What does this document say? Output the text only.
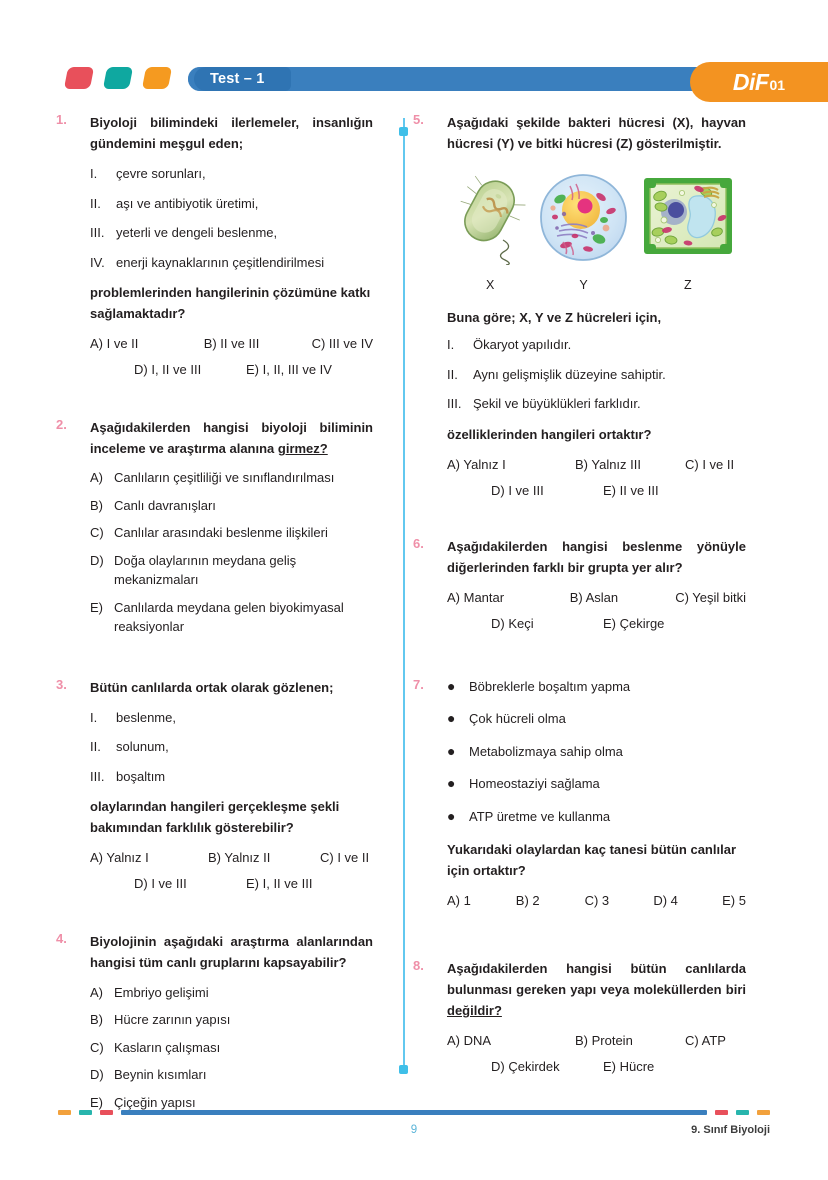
Test – 1	DiF 01
1.	Biyoloji bilimindeki ilerlemeler, insanlığın gündemini meşgul eden;
I.	çevre sorunları,
II.	aşı ve antibiyotik üretimi,
III. yeterli ve dengeli beslenme,
IV. enerji kaynaklarının çeşitlendirilmesi
problemlerinden hangilerinin çözümüne katkı sağlamaktadır?
A) I ve II	B) II ve III	C) III ve IV
D) I, II ve III	E) I, II, III ve IV
2.	Aşağıdakilerden hangisi biyoloji biliminin inceleme ve araştırma alanına girmez?
A) Canlıların çeşitliliği ve sınıflandırılması
B) Canlı davranışları
C) Canlılar arasındaki beslenme ilişkileri
D) Doğa olaylarının meydana geliş mekanizmaları
E) Canlılarda meydana gelen biyokimyasal reaksiyonlar
3.	Bütün canlılarda ortak olarak gözlenen;
I.	beslenme,
II.	solunum,
III. boşaltım
olaylarından hangileri gerçekleşme şekli bakımından farklılık gösterebilir?
A) Yalnız I	B) Yalnız II	C) I ve II
D) I ve III	E) I, II ve III
4.	Biyolojinin aşağıdaki araştırma alanlarından hangisi tüm canlı gruplarını kapsayabilir?
A) Embriyo gelişimi
B) Hücre zarının yapısı
C) Kasların çalışması
D) Beynin kısımları
E) Çiçeğin yapısı
5.	Aşağıdaki şekilde bakteri hücresi (X), hayvan hücresi (Y) ve bitki hücresi (Z) gösterilmiştir.
X	Y	Z
Buna göre; X, Y ve Z hücreleri için,
I.	Ökaryot yapılıdır.
II.	Aynı gelişmişlik düzeyine sahiptir.
III. Şekil ve büyüklükleri farklıdır.
özelliklerinden hangileri ortaktır?
A) Yalnız I	B) Yalnız III	C) I ve II
D) I ve III	E) II ve III
6.	Aşağıdakilerden hangisi beslenme yönüyle diğerlerinden farklı bir grupta yer alır?
A) Mantar	B) Aslan	C) Yeşil bitki
D) Keçi	E) Çekirge
7.	●	Böbreklerle boşaltım yapma
●	Çok hücreli olma
●	Metabolizmaya sahip olma
●	Homeostaziyi sağlama
●	ATP üretme ve kullanma
Yukarıdaki olaylardan kaç tanesi bütün canlılar için ortaktır?
A) 1	B) 2	C) 3	D) 4	E) 5
8.	Aşağıdakilerden hangisi bütün canlılarda bulunması gereken yapı veya moleküllerden biri değildir?
A) DNA	B) Protein	C) ATP
D) Çekirdek	E) Hücre
9	9. Sınıf Biyoloji
